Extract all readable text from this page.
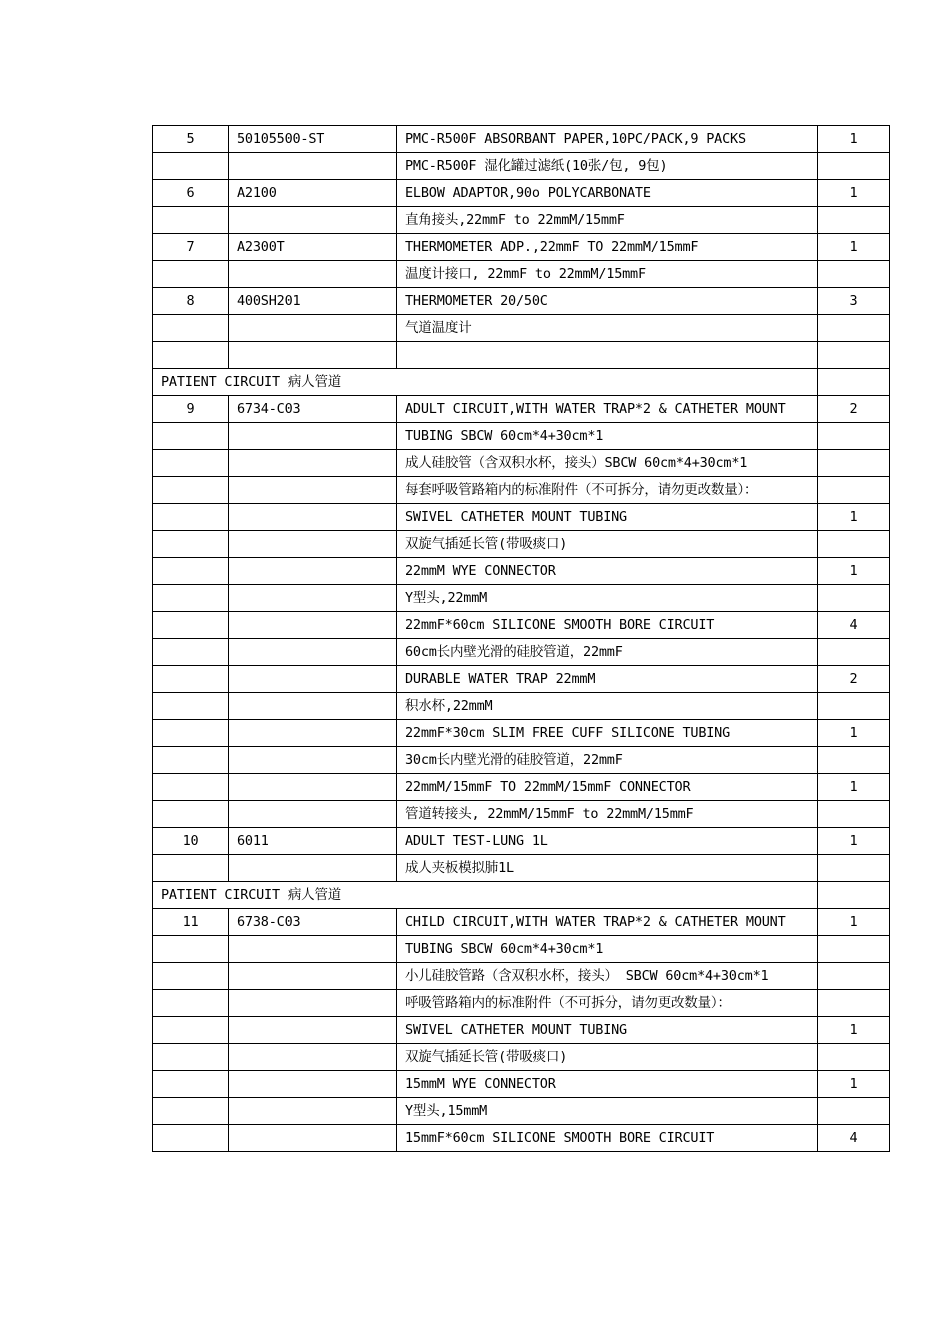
5	50105500-ST	PMC-R500F ABSORBANT PAPER,10PC/PACK,9 PACKS	1
		PMC-R500F 湿化罐过滤纸(10张/包, 9包)	
6	A2100	ELBOW ADAPTOR,90o POLYCARBONATE	1
		直角接头,22mmF to 22mmM/15mmF	
7	A2300T	THERMOMETER ADP.,22mmF TO 22mmM/15mmF	1
		温度计接口, 22mmF to 22mmM/15mmF	
8	400SH201	THERMOMETER 20/50C	3
		气道温度计	

PATIENT CIRCUIT 病人管道			
9	6734-C03	ADULT CIRCUIT,WITH WATER TRAP*2 & CATHETER MOUNT	2
		TUBING SBCW 60cm*4+30cm*1	
		成人硅胶管（含双积水杯，接头）SBCW 60cm*4+30cm*1	
		每套呼吸管路箱内的标准附件（不可拆分，请勿更改数量）：	
		SWIVEL CATHETER MOUNT TUBING	1
		双旋气插延长管(带吸痰口)	
		22mmM WYE CONNECTOR	1
		Y型头,22mmM	
		22mmF*60cm SILICONE SMOOTH BORE CIRCUIT	4
		60cm长内壁光滑的硅胶管道，22mmF	
		DURABLE WATER TRAP 22mmM	2
		积水杯,22mmM	
		22mmF*30cm SLIM FREE CUFF SILICONE TUBING	1
		30cm长内壁光滑的硅胶管道，22mmF	
		22mmM/15mmF TO 22mmM/15mmF CONNECTOR	1
		管道转接头, 22mmM/15mmF to 22mmM/15mmF	
10	6011	ADULT TEST-LUNG 1L	1
		成人夹板模拟肺1L	
PATIENT CIRCUIT 病人管道			
11	6738-C03	CHILD CIRCUIT,WITH WATER TRAP*2 & CATHETER MOUNT	1
		TUBING SBCW 60cm*4+30cm*1	
		小儿硅胶管路（含双积水杯，接头） SBCW 60cm*4+30cm*1	
		呼吸管路箱内的标准附件（不可拆分，请勿更改数量）：	
		SWIVEL CATHETER MOUNT TUBING	1
		双旋气插延长管(带吸痰口)	
		15mmM WYE CONNECTOR	1
		Y型头,15mmM	
		15mmF*60cm SILICONE SMOOTH BORE CIRCUIT	4
